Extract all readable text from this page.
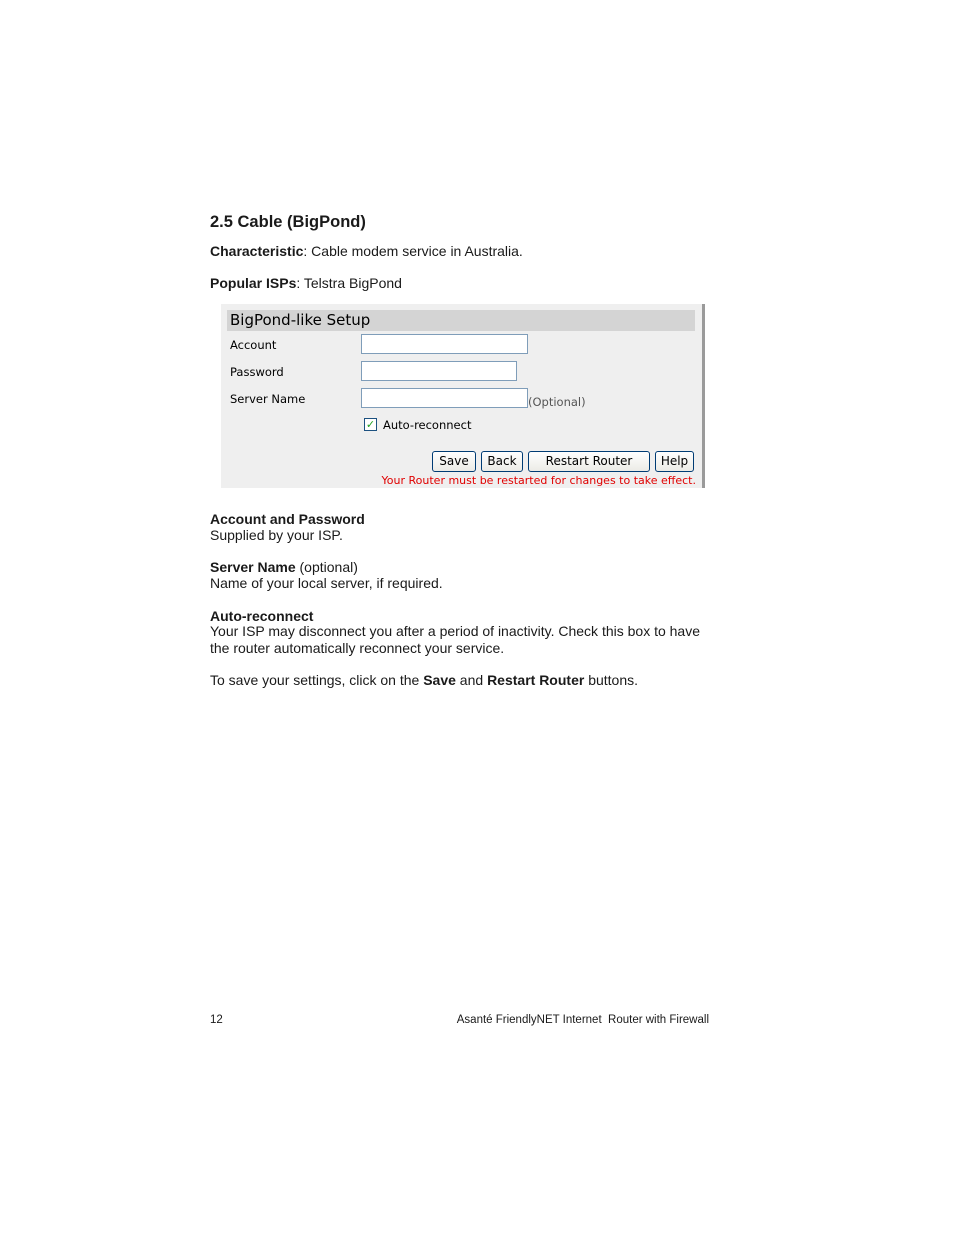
2.5 Cable (BigPond)
Characteristic: Cable modem service in Australia.
Popular ISPs: Telstra BigPond
BigPond-like Setup
Account
Password
Server Name	(Optional)
✓ Auto-reconnect
Save	Back	Restart Router	Help
Your Router must be restarted for changes to take effect.
Account and Password
Supplied by your ISP.
Server Name (optional)
Name of your local server, if required.
Auto-reconnect
Your ISP may disconnect you after a period of inactivity. Check this box to have
the router automatically reconnect your service.
To save your settings, click on the Save and Restart Router buttons.
12	Asanté FriendlyNET Internet  Router with Firewall
